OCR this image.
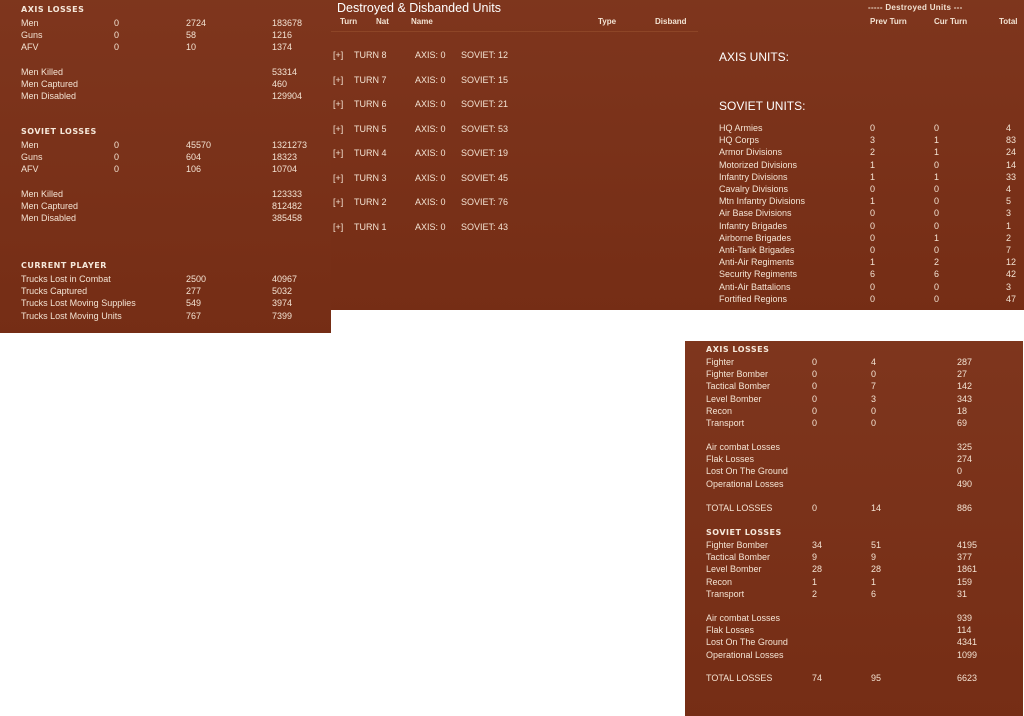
AXIS LOSSES
SOVIET LOSSES
CURRENT PLAYER
Men	0	2724	183678
Guns	0	58	1216
AFV	0	10	1374
Men Killed	53314
Men Captured	460
Men Disabled	129904
Men	0	45570	1321273
Guns	0	604	18323
AFV	0	106	10704
Men Killed	123333
Men Captured	812482
Men Disabled	385458
Trucks Lost in Combat	2500	40967
Trucks Captured	277	5032
Trucks Lost Moving Supplies	549	3974
Trucks Lost Moving Units	767	7399
Destroyed & Disbanded Units
Turn Nat	Name	Type	Disband
[+] TURN 8	AXIS: 0 SOVIET: 12
[+] TURN 7	AXIS: 0 SOVIET: 15
[+] TURN 6	AXIS: 0 SOVIET: 21
[+] TURN 5	AXIS: 0 SOVIET: 53
[+] TURN 4	AXIS: 0 SOVIET: 19
[+] TURN 3	AXIS: 0 SOVIET: 45
[+] TURN 2	AXIS: 0 SOVIET: 76
[+] TURN 1	AXIS: 0 SOVIET: 43
----- Destroyed Units ---
Prev Turn	Cur Turn	Total
AXIS UNITS:
SOVIET UNITS:
HQ Armies	0	0	4
HQ Corps	3	1	83
Armor Divisions	2	1	24
Motorized Divisions	1	0	14
Infantry Divisions	1	1	33
Cavalry Divisions	0	0	4
Mtn Infantry Divisions	1	0	5
Air Base Divisions	0	0	3
Infantry Brigades	0	0	1
Airborne Brigades	0	1	2
Anti-Tank Brigades	0	0	7
Anti-Air Regiments	1	2	12
Security Regiments	6	6	42
Anti-Air Battalions	0	0	3
Fortified Regions	0	0	47
AXIS LOSSES
SOVIET LOSSES
Fighter	0	4	287
Fighter Bomber	0	0	27
Tactical Bomber	0	7	142
Level Bomber	0	3	343
Recon	0	0	18
Transport	0	0	69
Air combat Losses	325
Flak Losses	274
Lost On The Ground	0
Operational Losses	490
TOTAL LOSSES	0	14	886
Fighter Bomber	34	51	4195
Tactical Bomber	9	9	377
Level Bomber	28	28	1861
Recon	1	1	159
Transport	2	6	31
Air combat Losses	939
Flak Losses	114
Lost On The Ground	4341
Operational Losses	1099
TOTAL LOSSES	74	95	6623
